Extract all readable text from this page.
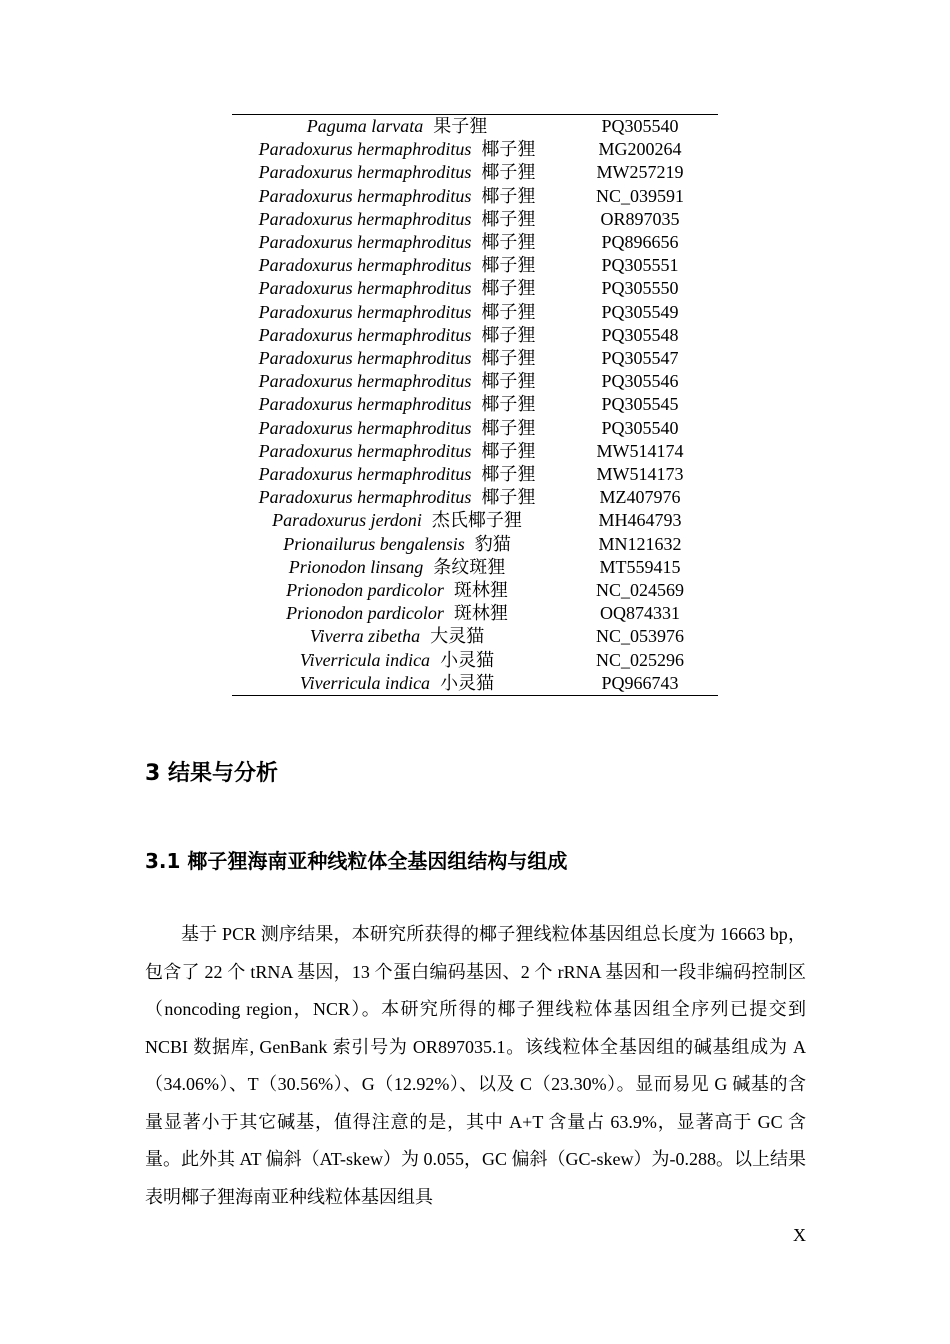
Paguma larvata 果子狸	PQ305540
Paradoxurus hermaphroditus 椰子狸	MG200264
Paradoxurus hermaphroditus 椰子狸	MW257219
Paradoxurus hermaphroditus 椰子狸	NC_039591
Paradoxurus hermaphroditus 椰子狸	OR897035
Paradoxurus hermaphroditus 椰子狸	PQ896656
Paradoxurus hermaphroditus 椰子狸	PQ305551
Paradoxurus hermaphroditus 椰子狸	PQ305550
Paradoxurus hermaphroditus 椰子狸	PQ305549
Paradoxurus hermaphroditus 椰子狸	PQ305548
Paradoxurus hermaphroditus 椰子狸	PQ305547
Paradoxurus hermaphroditus 椰子狸	PQ305546
Paradoxurus hermaphroditus 椰子狸	PQ305545
Paradoxurus hermaphroditus 椰子狸	PQ305540
Paradoxurus hermaphroditus 椰子狸	MW514174
Paradoxurus hermaphroditus 椰子狸	MW514173
Paradoxurus hermaphroditus 椰子狸	MZ407976
Paradoxurus jerdoni 杰氏椰子狸	MH464793
Prionailurus bengalensis 豹猫	MN121632
Prionodon linsang 条纹斑狸	MT559415
Prionodon pardicolor 斑林狸	NC_024569
Prionodon pardicolor 斑林狸	OQ874331
Viverra zibetha 大灵猫	NC_053976
Viverricula indica 小灵猫	NC_025296
Viverricula indica 小灵猫	PQ966743
3 结果与分析
3.1 椰子狸海南亚种线粒体全基因组结构与组成

基于 PCR 测序结果，本研究所获得的椰子狸线粒体基因组总长度为 16663 bp，包含了 22 个 tRNA 基因，13 个蛋白编码基因、2 个 rRNA 基因和一段非编码控制区（noncoding region，NCR）。本研究所得的椰子狸线粒体基因组全序列已提交到 NCBI 数据库, GenBank 索引号为 OR897035.1。该线粒体全基因组的碱基组成为 A（34.06%）、T（30.56%）、G（12.92%）、以及 C（23.30%）。显而易见 G 碱基的含量显著小于其它碱基，值得注意的是，其中 A+T 含量占 63.9%，显著高于 GC 含量。此外其 AT 偏斜（AT-skew）为 0.055，GC 偏斜（GC-skew）为-0.288。以上结果表明椰子狸海南亚种线粒体基因组具

X
